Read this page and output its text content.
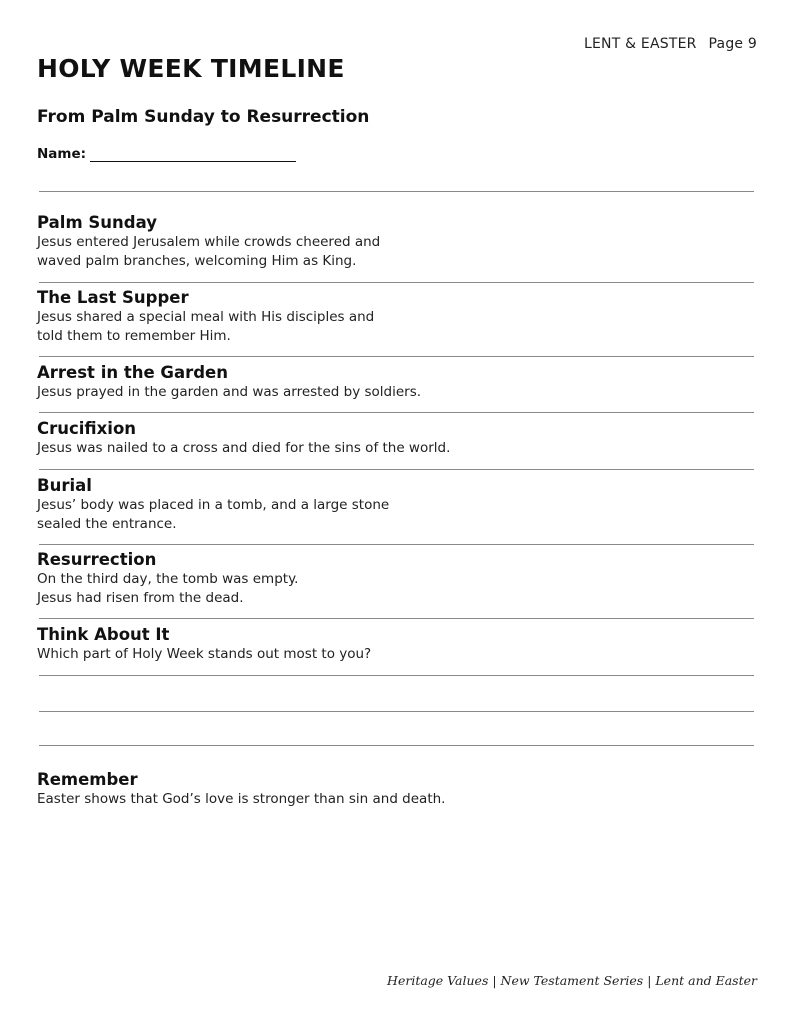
LENT & EASTER Page 9
HOLY WEEK TIMELINE
From Palm Sunday to Resurrection
Name:
Palm Sunday
Jesus entered Jerusalem while crowds cheered and
waved palm branches, welcoming Him as King.
The Last Supper
Jesus shared a special meal with His disciples and
told them to remember Him.
Arrest in the Garden
Jesus prayed in the garden and was arrested by soldiers.
Crucifixion
Jesus was nailed to a cross and died for the sins of the world.
Burial
Jesus’ body was placed in a tomb, and a large stone
sealed the entrance.
Resurrection
On the third day, the tomb was empty.
Jesus had risen from the dead.
Think About It
Which part of Holy Week stands out most to you?
Remember
Easter shows that God’s love is stronger than sin and death.
Heritage Values | New Testament Series | Lent and Easter
